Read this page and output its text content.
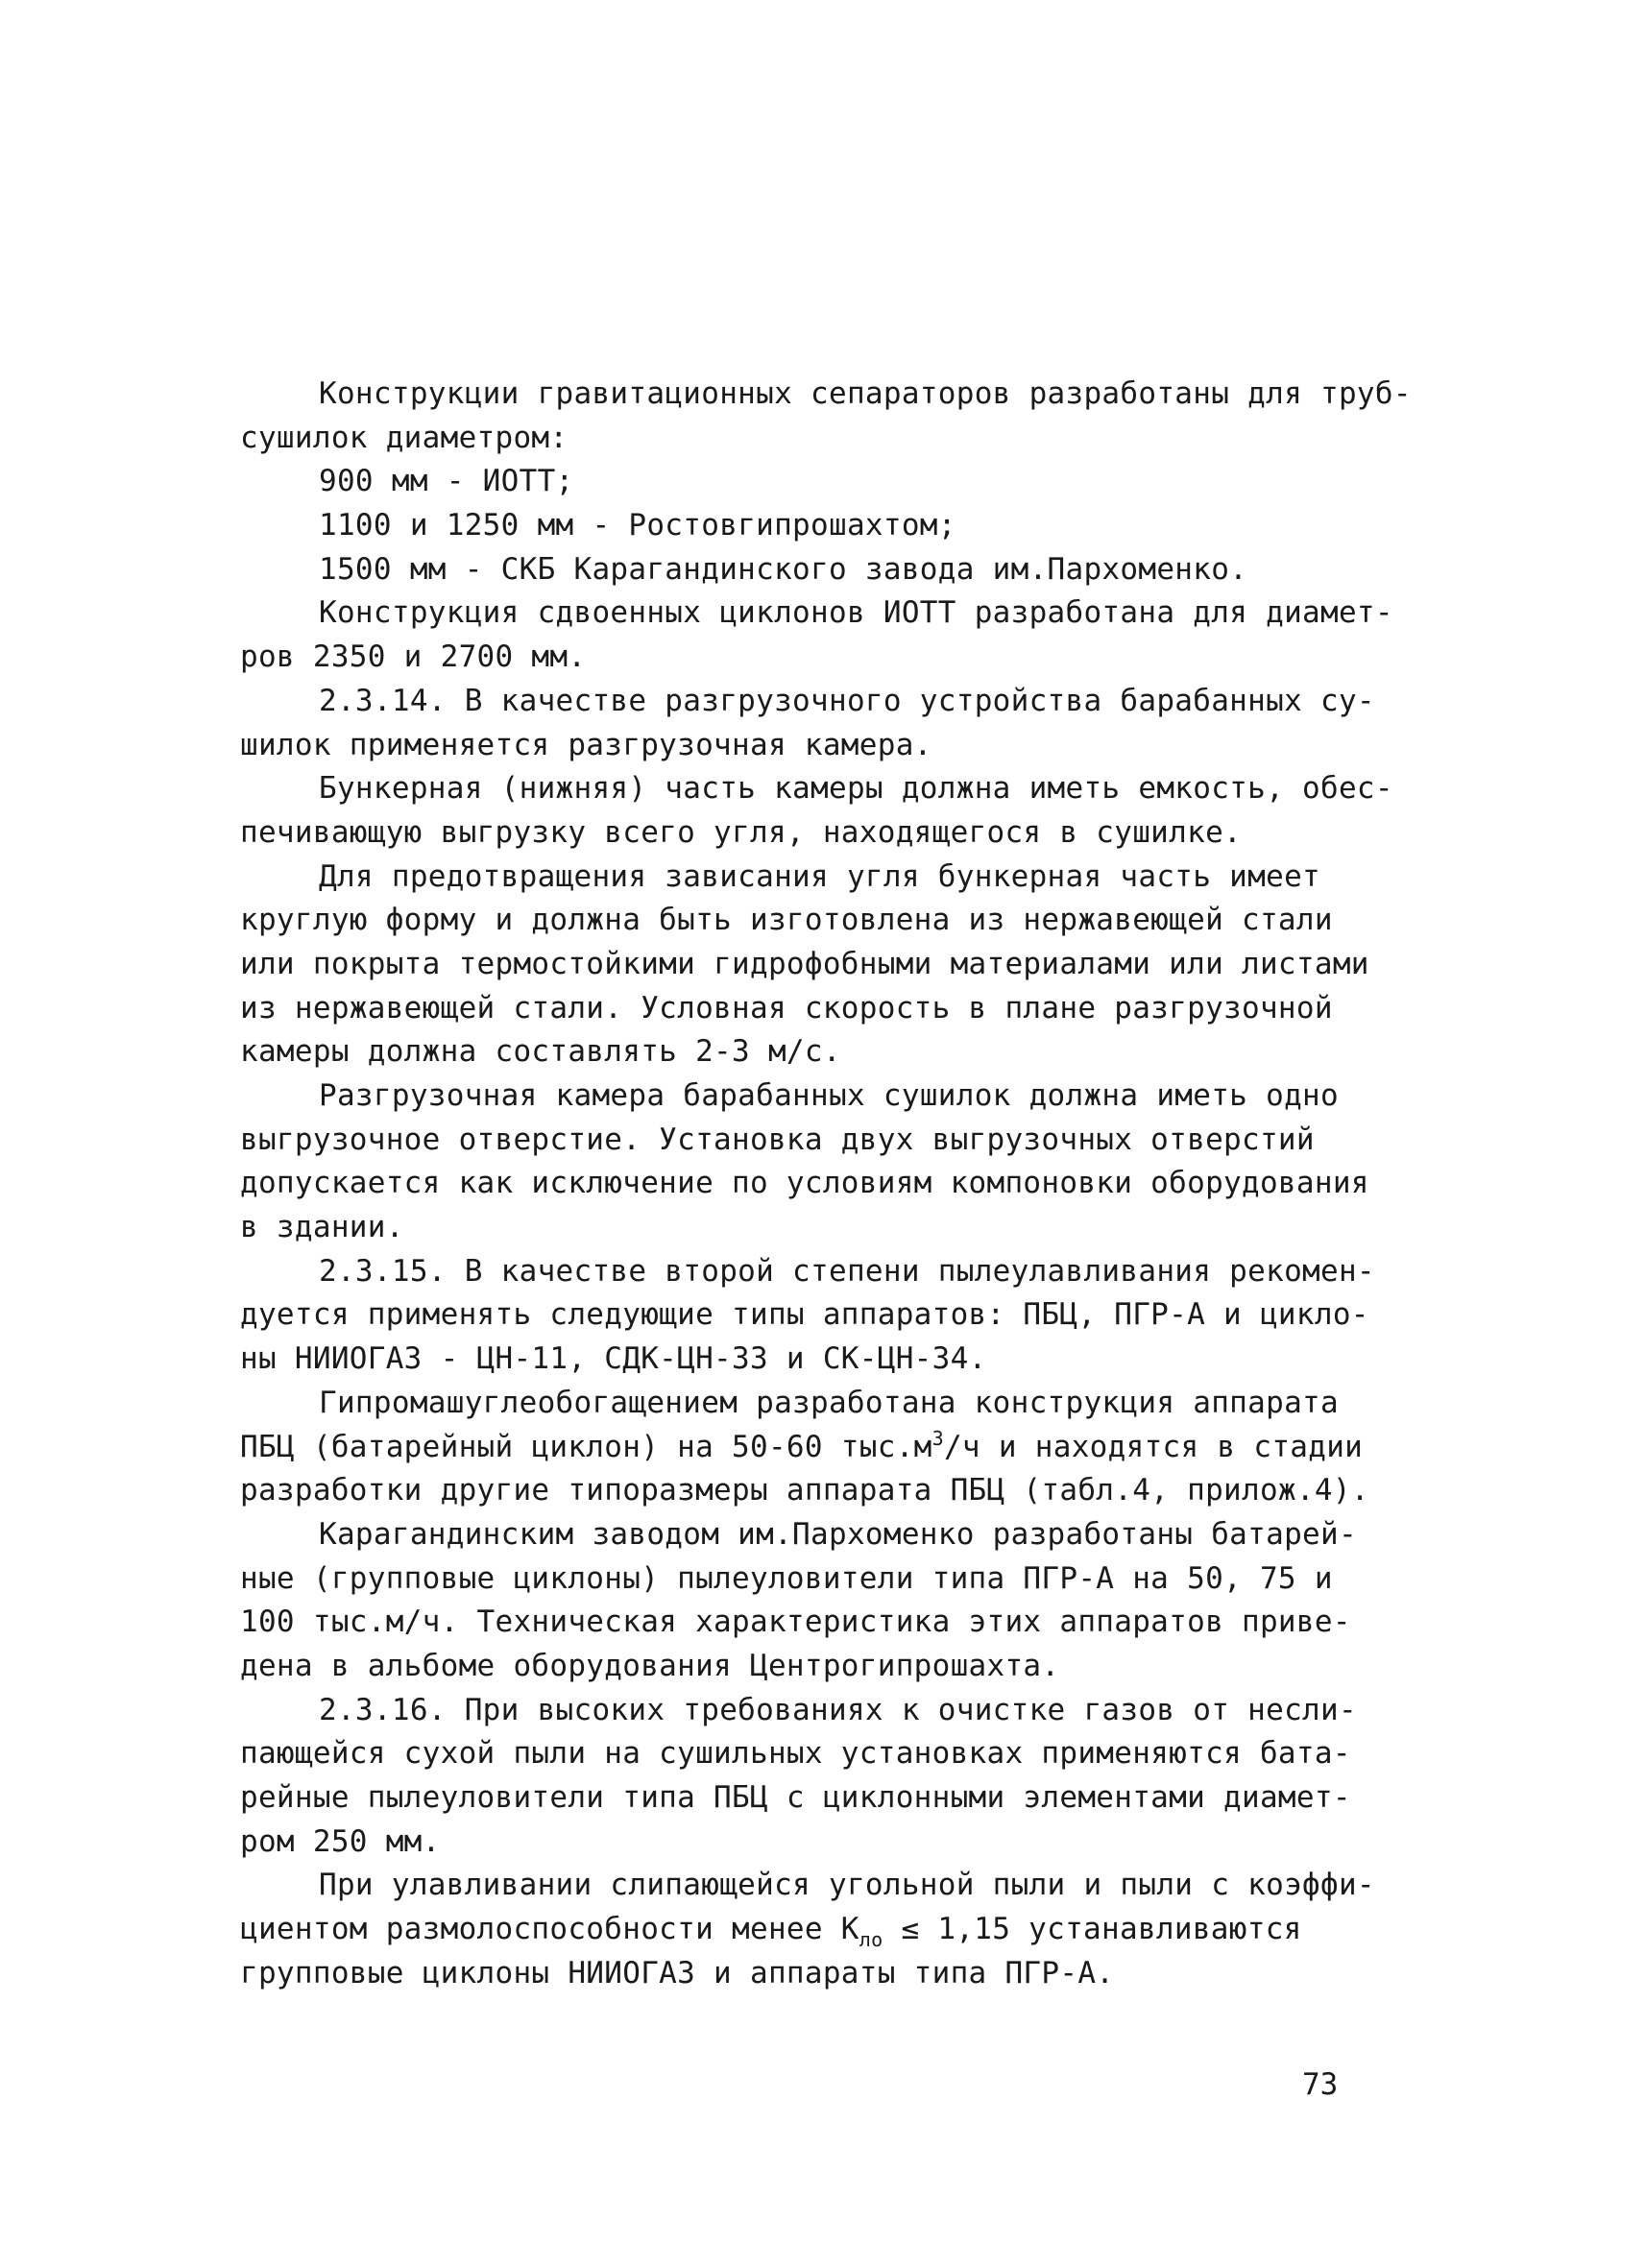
Конструкции гравитационных сепараторов разработаны для труб-
сушилок диаметром:
900 мм - ИОТТ;
1100 и 1250 мм - Ростовгипрошахтом;
1500 мм - СКБ Карагандинского завода им.Пархоменко.
Конструкция сдвоенных циклонов ИОТТ разработана для диамет-
ров 2350 и 2700 мм.
2.3.14. В качестве разгрузочного устройства барабанных су-
шилок применяется разгрузочная камера.
Бункерная (нижняя) часть камеры должна иметь емкость, обес-
печивающую выгрузку всего угля, находящегося в сушилке.
Для предотвращения зависания угля бункерная часть имеет
круглую форму и должна быть изготовлена из нержавеющей стали
или покрыта термостойкими гидрофобными материалами или листами
из нержавеющей стали. Условная скорость в плане разгрузочной
камеры должна составлять 2-3 м/с.
Разгрузочная камера барабанных сушилок должна иметь одно
выгрузочное отверстие. Установка двух выгрузочных отверстий
допускается как исключение по условиям компоновки оборудования
в здании.
2.3.15. В качестве второй степени пылеулавливания рекомен-
дуется применять следующие типы аппаратов: ПБЦ, ПГР-А и цикло-
ны НИИОГАЗ - ЦН-11, СДК-ЦН-33 и СК-ЦН-34.
Гипромашуглеобогащением разработана конструкция аппарата
ПБЦ (батарейный циклон) на 50-60 $тыс.м^3/ч$ и находятся в стадии
разработки другие типоразмеры аппарата ПБЦ (табл.4, прилож.4).
Карагандинским заводом им.Пархоменко разработаны батарей-
ные (групповые циклоны) пылеуловители типа ПГР-А на 50, 75 и
100 тыс.м/ч. Техническая характеристика этих аппаратов приве-
дена в альбоме оборудования Центрогипрошахта.
2.3.16. При высоких требованиях к очистке газов от несли-
пающейся сухой пыли на сушильных установках применяются бата-
рейные пылеуловители типа ПБЦ с циклонными элементами диамет-
ром 250 мм.
При улавливании слипающейся угольной пыли и пыли с коэффи-
циентом размолоспособности менее $К_{ло} \le 1,15$ устанавливаются
групповые циклоны НИИОГАЗ и аппараты типа ПГР-А.
73
